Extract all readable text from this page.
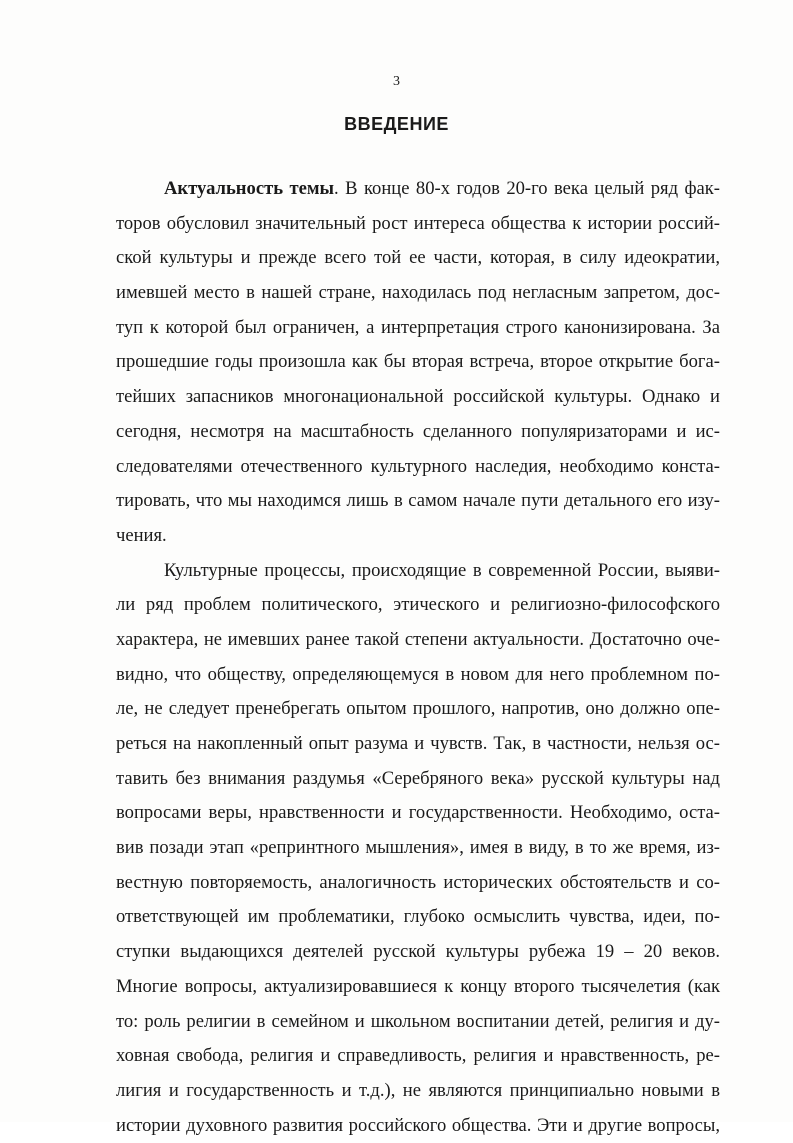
3
ВВЕДЕНИЕ
Актуальность темы. В конце 80-х годов 20-го века целый ряд фак-
торов обусловил значительный рост интереса общества к истории россий-
ской культуры и прежде всего той ее части, которая, в силу идеократии,
имевшей место в нашей стране, находилась под негласным запретом, дос-
туп к которой был ограничен, а интерпретация строго канонизирована. За
прошедшие годы произошла как бы вторая встреча, второе открытие бога-
тейших запасников многонациональной российской культуры. Однако и
сегодня, несмотря на масштабность сделанного популяризаторами и ис-
следователями отечественного культурного наследия, необходимо конста-
тировать, что мы находимся лишь в самом начале пути детального его изу-
чения.
Культурные процессы, происходящие в современной России, выяви-
ли ряд проблем политического, этического и религиозно-философского
характера, не имевших ранее такой степени актуальности. Достаточно оче-
видно, что обществу, определяющемуся в новом для него проблемном по-
ле, не следует пренебрегать опытом прошлого, напротив, оно должно опе-
реться на накопленный опыт разума и чувств. Так, в частности, нельзя ос-
тавить без внимания раздумья «Серебряного века» русской культуры над
вопросами веры, нравственности и государственности. Необходимо, оста-
вив позади этап «репринтного мышления», имея в виду, в то же время, из-
вестную повторяемость, аналогичность исторических обстоятельств и со-
ответствующей им проблематики, глубоко осмыслить чувства, идеи, по-
ступки выдающихся деятелей русской культуры рубежа 19 – 20 веков.
Многие вопросы, актуализировавшиеся к концу второго тысячелетия (как
то: роль религии в семейном и школьном воспитании детей, религия и ду-
ховная свобода, религия и справедливость, религия и нравственность, ре-
лигия и государственность и т.д.), не являются принципиально новыми в
истории духовного развития российского общества. Эти и другие вопросы,
